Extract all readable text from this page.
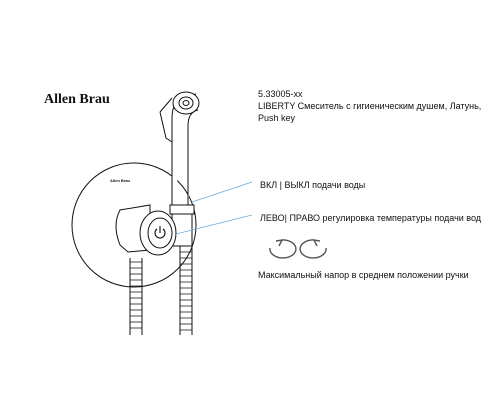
Allen Brau	5.33005-xx
LIBERTY Смеситель с гигиеническим душем, Латунь,
Push key
ВКЛ | ВЫКЛ подачи воды
ЛЕВО| ПРАВО регулировка температуры подачи вод
Максимальный напор в среднем положении ручки
Allen Brau
